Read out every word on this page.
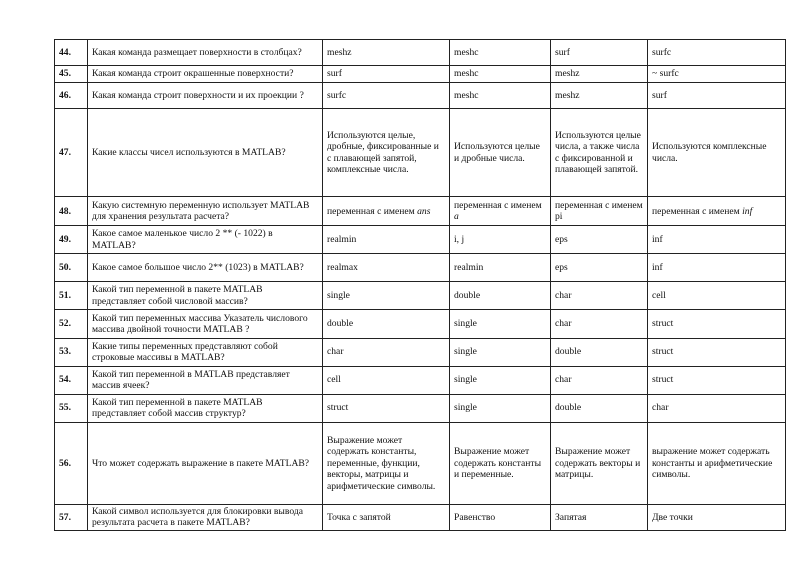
44.	Какая команда размещает поверхности в столбцах?	meshz	meshc	surf	surfc
45.	Какая команда строит окрашенные поверхности?	surf	meshc	meshz	~ surfc
46.	Какая команда строит поверхности и их проекции ?	surfc	meshc	meshz	surf
47.	Какие классы чисел используются в MATLAB?	Используются целые, дробные, фиксированные и с плавающей запятой, комплексные числа.	Используются целые и дробные числа.	Используются целые числа, а также числа с фиксированной и плавающей запятой.	Используются комплексные числа.
48.	Какую системную переменную использует MATLAB для хранения результата расчета?	переменная с именем ans	переменная с именем a	переменная с именем pi	переменная с именем inf
49.	Какое самое маленькое число 2 ** (- 1022) в MATLAB?	realmin	i, j	eps	inf
50.	Какое самое большое число 2** (1023) в MATLAB?	realmax	realmin	eps	inf
51.	Какой тип переменной в пакете MATLAB представляет собой числовой массив?	single	double	char	cell
52.	Какой тип переменных массива Указатель числового массива двойной точности MATLAB ?	double	single	char	struct
53.	Какие типы переменных представляют собой строковые массивы в MATLAB?	char	single	double	struct
54.	Какой тип переменной в MATLAB представляет массив ячеек?	cell	single	char	struct
55.	Какой тип переменной в пакете MATLAB представляет собой массив структур?	struct	single	double	char
56.	Что может содержать выражение в пакете MATLAB?	Выражение может содержать константы, переменные, функции, векторы, матрицы и арифметические символы.	Выражение может содержать константы и переменные.	Выражение может содержать векторы и матрицы.	выражение может содержать константы и арифметические символы.
57.	Какой символ используется для блокировки вывода результата расчета в пакете MATLAB?	Точка с запятой	Равенство	Запятая	Две точки
